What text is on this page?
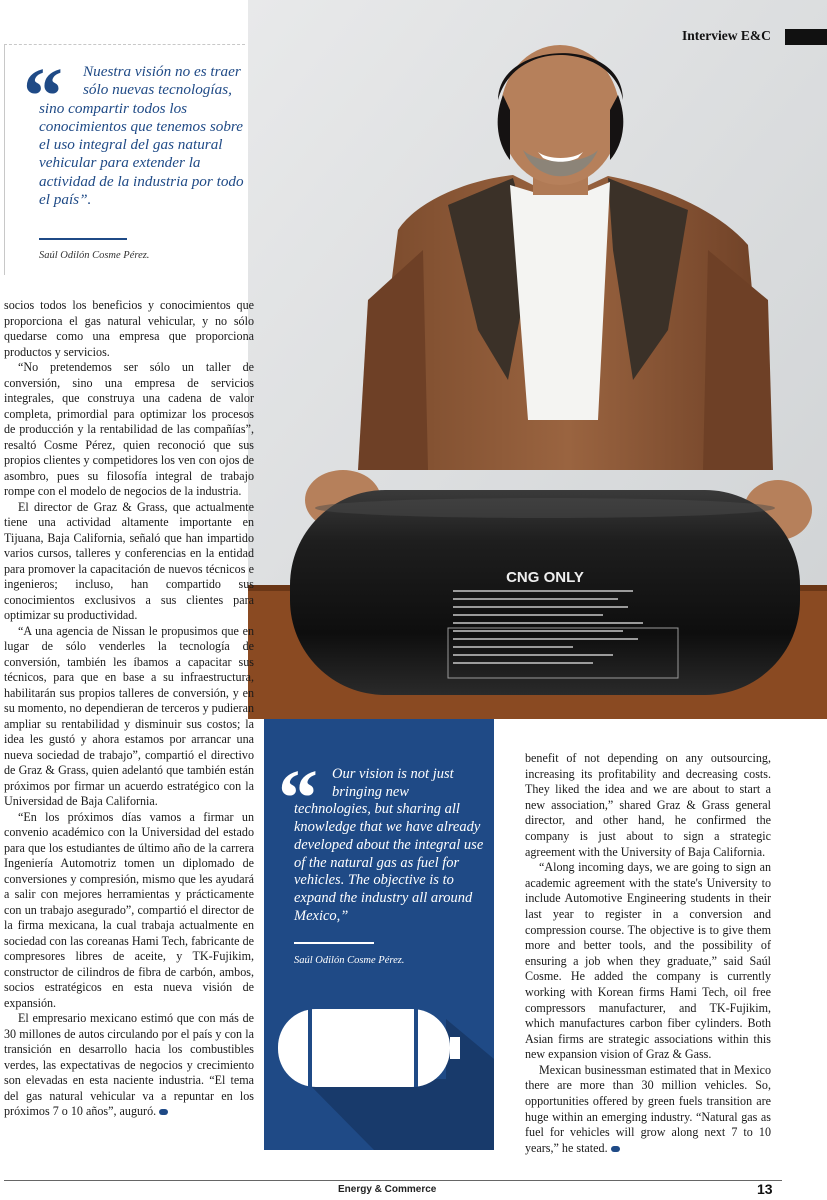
“	Nuestra visión no es traer sólo nuevas tecnologías,
sino compartir todos los conocimientos que tenemos sobre el uso integral del gas natural vehicular para extender la actividad de la industria por todo el país”.
Saúl Odilón Cosme Pérez.
CNG ONLY
Interview E&C

socios todos los beneficios y conocimientos que proporciona el gas natural vehicular, y no sólo quedarse como una empresa que proporciona productos y servicios.

“No pretendemos ser sólo un taller de conversión, sino una empresa de servicios integrales, que construya una cadena de valor completa, primordial para optimizar los procesos de producción y la rentabilidad de las compañías”, resaltó Cosme Pérez, quien reconoció que sus propios clientes y competidores los ven con ojos de asombro, pues su filosofía integral de trabajo rompe con el modelo de negocios de la industria.

El director de Graz & Grass, que actualmente tiene una actividad altamente importante en Tijuana, Baja California, señaló que han impartido varios cursos, talleres y conferencias en la entidad para promover la capacitación de nuevos técnicos e ingenieros; incluso, han compartido sus conocimientos exclusivos a sus clientes para optimizar su productividad.

“A una agencia de Nissan le propusimos que en lugar de sólo venderles la tecnología de conversión, también les íbamos a capacitar sus técnicos, para que en base a su infraestructura, habilitarán sus propios talleres de conversión, y en su momento, no dependieran de terceros y pudieran ampliar su rentabilidad y disminuir sus costos; la idea les gustó y ahora estamos por arrancar una nueva sociedad de trabajo”, compartió el directivo de Graz & Grass, quien adelantó que también están próximos por firmar un acuerdo estratégico con la Universidad de Baja California.

“En los próximos días vamos a firmar un convenio académico con la Universidad del estado para que los estudiantes de último año de la carrera Ingeniería Automotriz tomen un diplomado de conversiones y compresión, mismo que les ayudará a salir con mejores herramientas y prácticamente con un trabajo asegurado”, compartió el director de la firma mexicana, la cual trabaja actualmente en sociedad con las coreanas Hami Tech, fabricante de compresores libres de aceite, y TK-Fujikim, constructor de cilindros de fibra de carbón, ambos, socios estratégicos en esta nueva visión de expansión.

El empresario mexicano estimó que con más de 30 millones de autos circulando por el país y con la transición en desarrollo hacia los combustibles verdes, las expectativas de negocios y crecimiento son elevadas en esta naciente industria. “El tema del gas natural vehicular va a repuntar en los próximos 7 o 10 años”, auguró.

“	Our vision is not just bringing new
technologies, but sharing all knowledge that we have already developed about the integral use of the natural gas as fuel for vehicles. The objective is to expand the industry all around Mexico,”
Saúl Odilón Cosme Pérez.

benefit of not depending on any outsourcing, increasing its profitability and decreasing costs. They liked the idea and we are about to start a new association,” shared Graz & Grass general director, and other hand, he confirmed the company is just about to sign a strategic agreement with the University of Baja California.

“Along incoming days, we are going to sign an academic agreement with the state's University to include Automotive Engineering students in their last year to register in a conversion and compression course. The objective is to give them more and better tools, and the possibility of ensuring a job when they graduate,” said Saúl Cosme. He added the company is currently working with Korean firms Hami Tech, oil free compressors manufacturer, and TK-Fujikim, which manufactures carbon fiber cylinders. Both Asian firms are strategic associations within this new expansion vision of Graz & Gass.

Mexican businessman estimated that in Mexico there are more than 30 million vehicles. So, opportunities offered by green fuels transition are huge within an emerging industry. “Natural gas as fuel for vehicles will grow along next 7 to 10 years,” he stated.

Energy & Commerce	13
